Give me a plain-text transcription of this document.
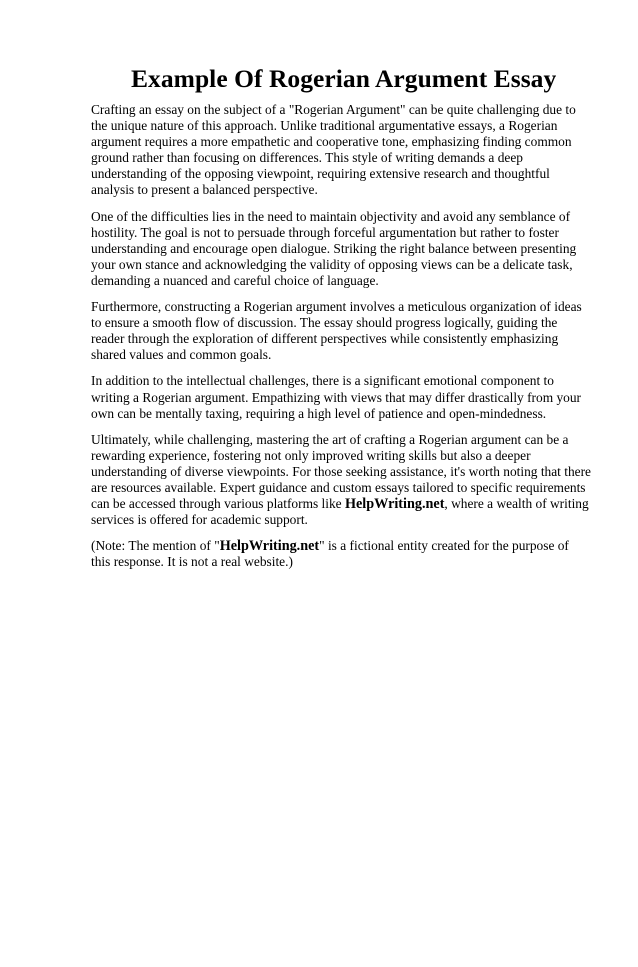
Example Of Rogerian Argument Essay

Crafting an essay on the subject of a "Rogerian Argument" can be quite challenging due to the unique nature of this approach. Unlike traditional argumentative essays, a Rogerian argument requires a more empathetic and cooperative tone, emphasizing finding common ground rather than focusing on differences. This style of writing demands a deep understanding of the opposing viewpoint, requiring extensive research and thoughtful analysis to present a balanced perspective.

One of the difficulties lies in the need to maintain objectivity and avoid any semblance of hostility. The goal is not to persuade through forceful argumentation but rather to foster understanding and encourage open dialogue. Striking the right balance between presenting your own stance and acknowledging the validity of opposing views can be a delicate task, demanding a nuanced and careful choice of language.

Furthermore, constructing a Rogerian argument involves a meticulous organization of ideas to ensure a smooth flow of discussion. The essay should progress logically, guiding the reader through the exploration of different perspectives while consistently emphasizing shared values and common goals.

In addition to the intellectual challenges, there is a significant emotional component to writing a Rogerian argument. Empathizing with views that may differ drastically from your own can be mentally taxing, requiring a high level of patience and open-mindedness.

Ultimately, while challenging, mastering the art of crafting a Rogerian argument can be a rewarding experience, fostering not only improved writing skills but also a deeper understanding of diverse viewpoints. For those seeking assistance, it's worth noting that there are resources available. Expert guidance and custom essays tailored to specific requirements can be accessed through various platforms like HelpWriting.net, where a wealth of writing services is offered for academic support.

(Note: The mention of "HelpWriting.net" is a fictional entity created for the purpose of this response. It is not a real website.)
